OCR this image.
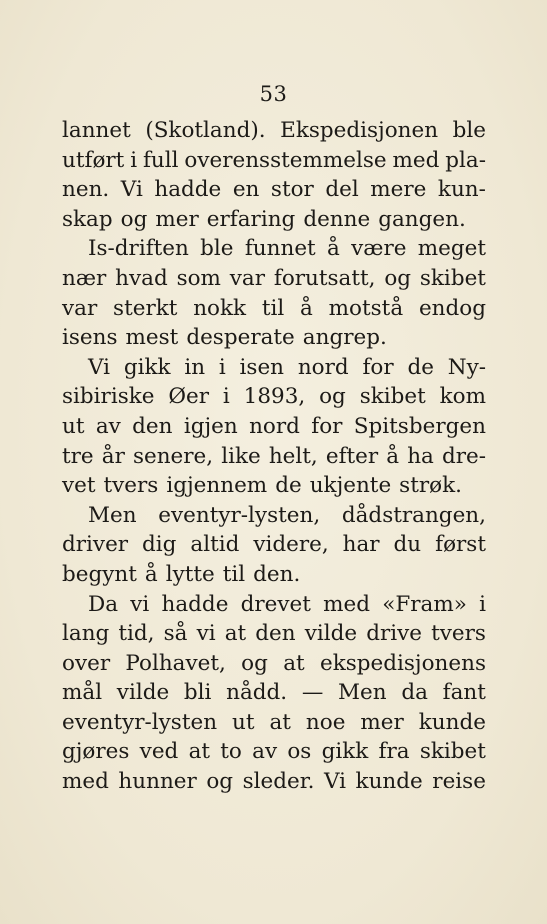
53
lannet (Skotland). Ekspedisjonen ble
utført i full overensstemmelse med pla-
nen. Vi hadde en stor del mere kun-
skap og mer erfaring denne gangen.
Is-driften ble funnet å være meget
nær hvad som var forutsatt, og skibet
var sterkt nokk til å motstå endog
isens mest desperate angrep.
Vi gikk in i isen nord for de Ny-
sibiriske Øer i 1893, og skibet kom
ut av den igjen nord for Spitsbergen
tre år senere, like helt, efter å ha dre-
vet tvers igjennem de ukjente strøk.
Men eventyr-lysten, dådstrangen,
driver dig altid videre, har du først
begynt å lytte til den.
Da vi hadde drevet med «Fram» i
lang tid, så vi at den vilde drive tvers
over Polhavet, og at ekspedisjonens
mål vilde bli nådd. — Men da fant
eventyr-lysten ut at noe mer kunde
gjøres ved at to av os gikk fra skibet
med hunner og sleder. Vi kunde reise
